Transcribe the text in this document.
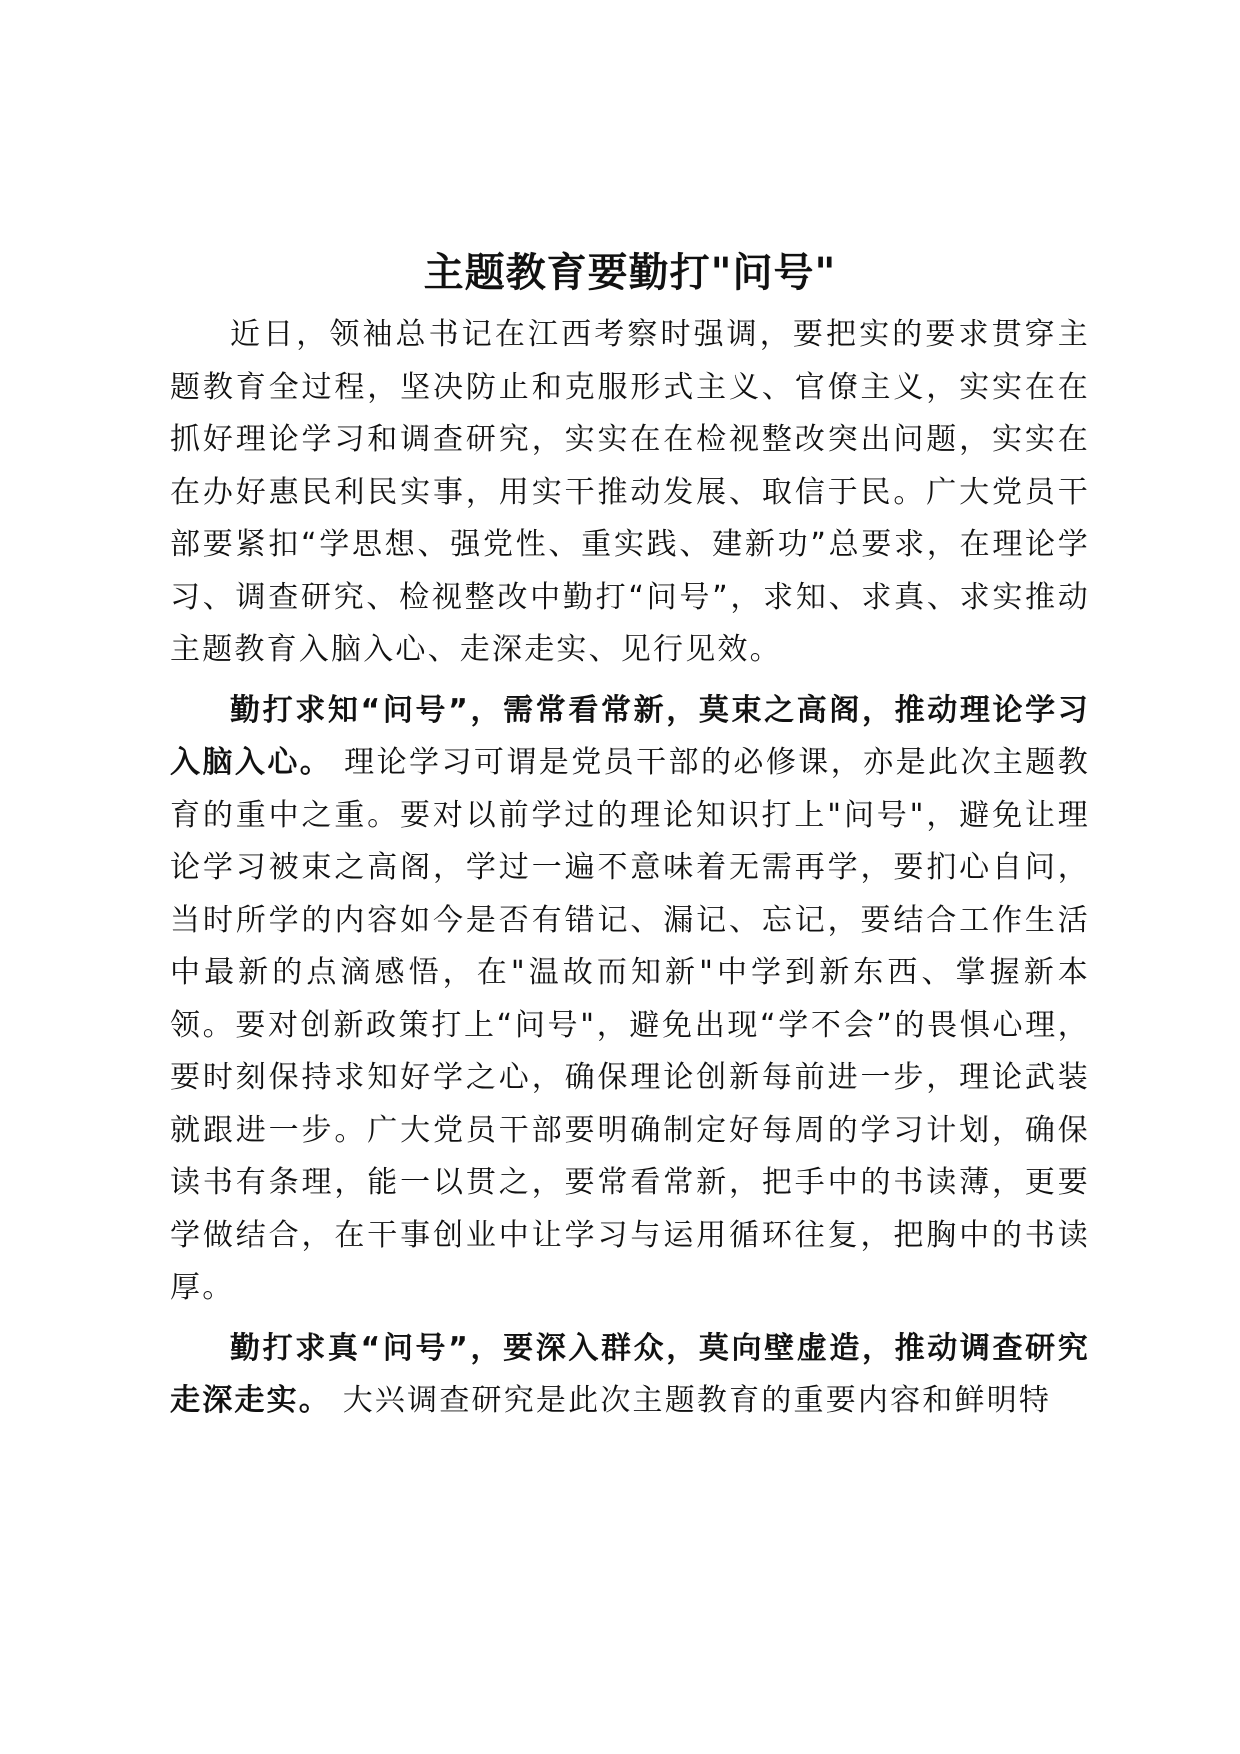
主题教育要勤打"问号"

近日，领袖总书记在江西考察时强调，要把实的要求贯穿主题教育全过程，坚决防止和克服形式主义、官僚主义，实实在在抓好理论学习和调查研究，实实在在检视整改突出问题，实实在在办好惠民利民实事，用实干推动发展、取信于民。广大党员干部要紧扣“学思想、强党性、重实践、建新功”总要求，在理论学习、调查研究、检视整改中勤打“问号”，求知、求真、求实推动主题教育入脑入心、走深走实、见行见效。

勤打求知“问号”，需常看常新，莫束之高阁，推动理论学习入脑入心。 理论学习可谓是党员干部的必修课，亦是此次主题教育的重中之重。要对以前学过的理论知识打上"问号"，避免让理论学习被束之高阁，学过一遍不意味着无需再学，要扪心自问，当时所学的内容如今是否有错记、漏记、忘记，要结合工作生活中最新的点滴感悟，在"温故而知新"中学到新东西、掌握新本领。要对创新政策打上“问号"，避免出现“学不会”的畏惧心理，要时刻保持求知好学之心，确保理论创新每前进一步，理论武装就跟进一步。广大党员干部要明确制定好每周的学习计划，确保读书有条理，能一以贯之，要常看常新，把手中的书读薄，更要学做结合，在干事创业中让学习与运用循环往复，把胸中的书读厚。

勤打求真“问号”，要深入群众，莫向壁虚造，推动调查研究走深走实。 大兴调查研究是此次主题教育的重要内容和鲜明特
